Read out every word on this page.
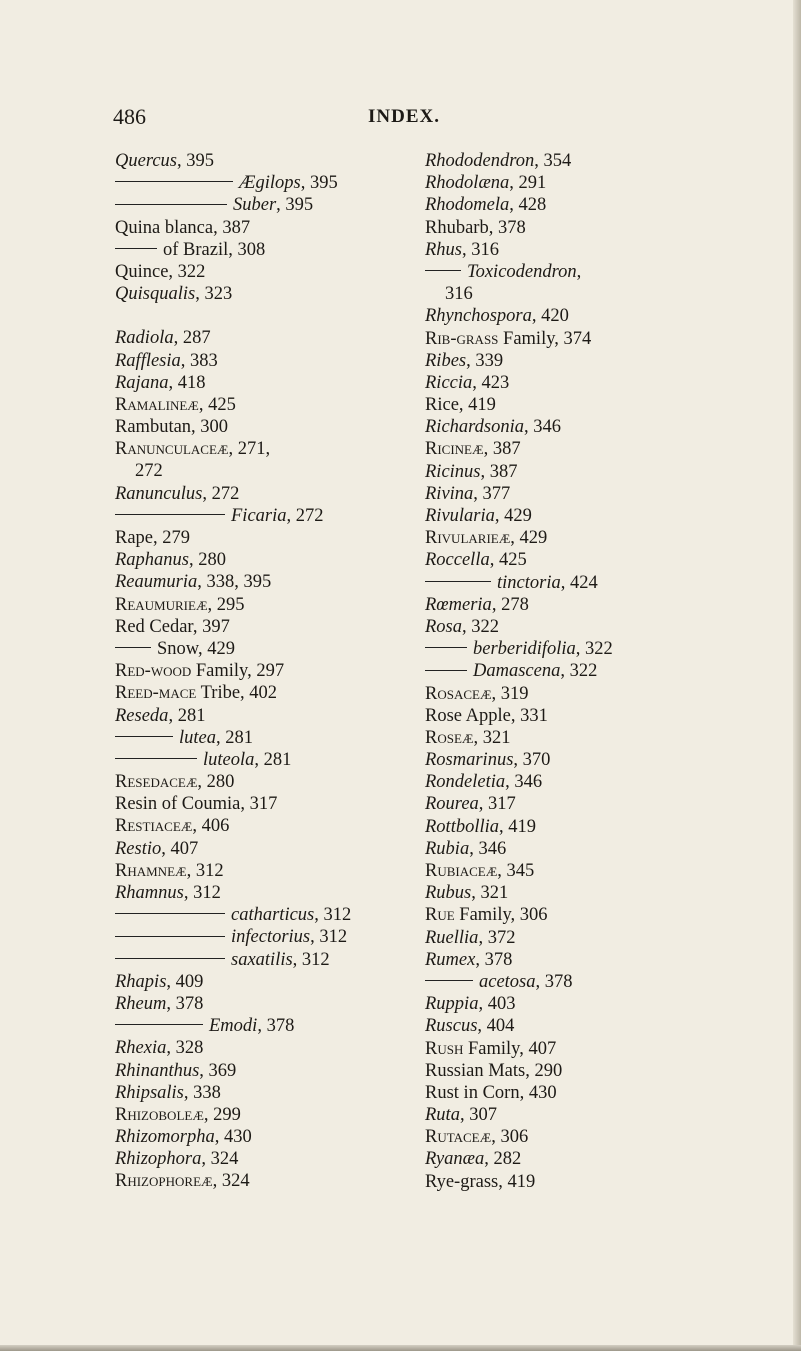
486	INDEX.
Quercus, 395
Ægilops, 395
Suber, 395
Quina blanca, 387
of Brazil, 308
Quince, 322
Quisqualis, 323
Radiola, 287
Rafflesia, 383
Rajana, 418
Ramalineæ, 425
Rambutan, 300
Ranunculaceæ, 271,
272
Ranunculus, 272
Ficaria, 272
Rape, 279
Raphanus, 280
Reaumuria, 338, 395
Reaumurieæ, 295
Red Cedar, 397
Snow, 429
Red-wood Family, 297
Reed-mace Tribe, 402
Reseda, 281
lutea, 281
luteola, 281
Resedaceæ, 280
Resin of Coumia, 317
Restiaceæ, 406
Restio, 407
Rhamneæ, 312
Rhamnus, 312
catharticus, 312
infectorius, 312
saxatilis, 312
Rhapis, 409
Rheum, 378
Emodi, 378
Rhexia, 328
Rhinanthus, 369
Rhipsalis, 338
Rhizoboleæ, 299
Rhizomorpha, 430
Rhizophora, 324
Rhizophoreæ, 324
Rhododendron, 354
Rhodolæna, 291
Rhodomela, 428
Rhubarb, 378
Rhus, 316
Toxicodendron,
316
Rhynchospora, 420
Rib-grass Family, 374
Ribes, 339
Riccia, 423
Rice, 419
Richardsonia, 346
Ricineæ, 387
Ricinus, 387
Rivina, 377
Rivularia, 429
Rivularieæ, 429
Roccella, 425
tinctoria, 424
Rœmeria, 278
Rosa, 322
berberidifolia, 322
Damascena, 322
Rosaceæ, 319
Rose Apple, 331
Roseæ, 321
Rosmarinus, 370
Rondeletia, 346
Rourea, 317
Rottbollia, 419
Rubia, 346
Rubiaceæ, 345
Rubus, 321
Rue Family, 306
Ruellia, 372
Rumex, 378
acetosa, 378
Ruppia, 403
Ruscus, 404
Rush Family, 407
Russian Mats, 290
Rust in Corn, 430
Ruta, 307
Rutaceæ, 306
Ryanæa, 282
Rye-grass, 419
